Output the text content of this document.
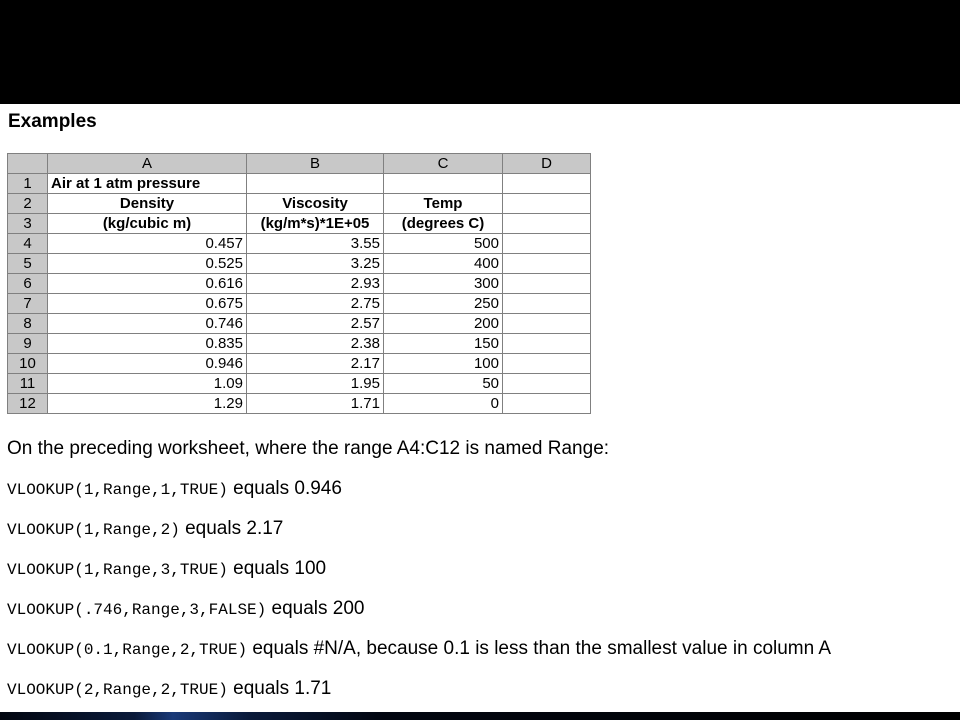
Examples
	A	B	C	D
1	Air at 1 atm pressure			
2	Density	Viscosity	Temp	
3	(kg/cubic m)	(kg/m*s)*1E+05	(degrees C)	
4	0.457	3.55	500	
5	0.525	3.25	400	
6	0.616	2.93	300	
7	0.675	2.75	250	
8	0.746	2.57	200	
9	0.835	2.38	150	
10	0.946	2.17	100	
11	1.09	1.95	50	
12	1.29	1.71	0	
On the preceding worksheet, where the range A4:C12 is named Range:
VLOOKUP(1,Range,1,TRUE) equals 0.946
VLOOKUP(1,Range,2) equals 2.17
VLOOKUP(1,Range,3,TRUE) equals 100
VLOOKUP(.746,Range,3,FALSE) equals 200
VLOOKUP(0.1,Range,2,TRUE) equals #N/A, because 0.1 is less than the smallest value in column A
VLOOKUP(2,Range,2,TRUE) equals 1.71
